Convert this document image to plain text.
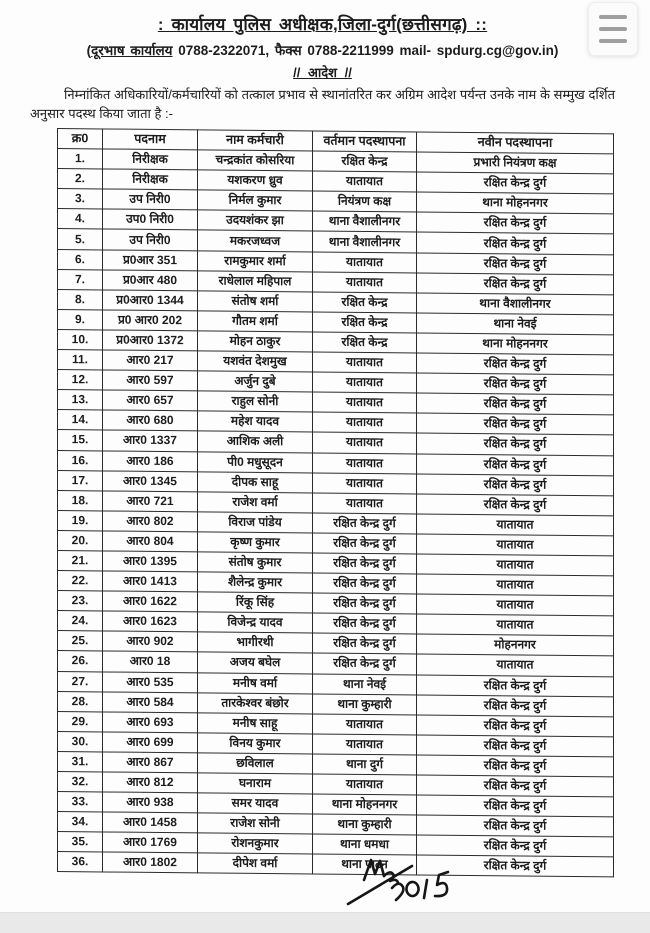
: कार्यालय पुलिस अधीक्षक,जिला-दुर्ग(छत्तीसगढ़) ::
(दूरभाष कार्यालय 0788-2322071, फैक्स 0788-2211999 mail- spdurg.cg@gov.in)
// आदेश //

निम्नांकित अधिकारियों/कर्मचारियों को तत्काल प्रभाव से स्थानांतरित कर अग्रिम आदेश पर्यन्त उनके नाम के सम्मुख दर्शित अनुसार पदस्थ किया जाता है :-

क्र0	पदनाम	नाम कर्मचारी	वर्तमान पदस्थापना	नवीन पदस्थापना
1.	निरीक्षक	चन्द्रकांत कोसरिया	रक्षित केन्द्र	प्रभारी नियंत्रण कक्ष
2.	निरीक्षक	यशकरण ध्रुव	यातायात	रक्षित केन्द्र दुर्ग
3.	उप निरी0	निर्मल कुमार	नियंत्रण कक्ष	थाना मोहननगर
4.	उप0 निरी0	उदयशंकर झा	थाना वैशालीनगर	रक्षित केन्द्र दुर्ग
5.	उप निरी0	मकरजध्वज	थाना वैशालीनगर	रक्षित केन्द्र दुर्ग
6.	प्र0आर 351	रामकुमार शर्मा	यातायात	रक्षित केन्द्र दुर्ग
7.	प्र0आर 480	राधेलाल महिपाल	यातायात	रक्षित केन्द्र दुर्ग
8.	प्र0आर0 1344	संतोष शर्मा	रक्षित केन्द्र	थाना वैशालीनगर
9.	प्र0 आर0 202	गौतम शर्मा	रक्षित केन्द्र	थाना नेवई
10.	प्र0आर0 1372	मोहन ठाकुर	रक्षित केन्द्र	थाना मोहननगर
11.	आर0 217	यशवंत देशमुख	यातायात	रक्षित केन्द्र दुर्ग
12.	आर0 597	अर्जुन दुबे	यातायात	रक्षित केन्द्र दुर्ग
13.	आर0 657	राहुल सोनी	यातायात	रक्षित केन्द्र दुर्ग
14.	आर0 680	महेश यादव	यातायात	रक्षित केन्द्र दुर्ग
15.	आर0 1337	आशिक अली	यातायात	रक्षित केन्द्र दुर्ग
16.	आर0 186	पी0 मधुसूदन	यातायात	रक्षित केन्द्र दुर्ग
17.	आर0 1345	दीपक साहू	यातायात	रक्षित केन्द्र दुर्ग
18.	आर0 721	राजेश वर्मा	यातायात	रक्षित केन्द्र दुर्ग
19.	आर0 802	विराज पांडेय	रक्षित केन्द्र दुर्ग	यातायात
20.	आर0 804	कृष्ण कुमार	रक्षित केन्द्र दुर्ग	यातायात
21.	आर0 1395	संतोष कुमार	रक्षित केन्द्र दुर्ग	यातायात
22.	आर0 1413	शैलेन्द्र कुमार	रक्षित केन्द्र दुर्ग	यातायात
23.	आर0 1622	रिंकू सिंह	रक्षित केन्द्र दुर्ग	यातायात
24.	आर0 1623	विजेन्द्र यादव	रक्षित केन्द्र दुर्ग	यातायात
25.	आर0 902	भागीरथी	रक्षित केन्द्र दुर्ग	मोहननगर
26.	आर0 18	अजय बघेल	रक्षित केन्द्र दुर्ग	यातायात
27.	आर0 535	मनीष वर्मा	थाना नेवई	रक्षित केन्द्र दुर्ग
28.	आर0 584	तारकेश्वर बंछोर	थाना कुम्हारी	रक्षित केन्द्र दुर्ग
29.	आर0 693	मनीष साहू	यातायात	रक्षित केन्द्र दुर्ग
30.	आर0 699	विनय कुमार	यातायात	रक्षित केन्द्र दुर्ग
31.	आर0 867	छविलाल	थाना दुर्ग	रक्षित केन्द्र दुर्ग
32.	आर0 812	घनाराम	यातायात	रक्षित केन्द्र दुर्ग
33.	आर0 938	समर यादव	थाना मोहननगर	रक्षित केन्द्र दुर्ग
34.	आर0 1458	राजेश सोनी	थाना कुम्हारी	रक्षित केन्द्र दुर्ग
35.	आर0 1769	रोशनकुमार	थाना धमधा	रक्षित केन्द्र दुर्ग
36.	आर0 1802	दीपेश वर्मा	थाना पाटन	रक्षित केन्द्र दुर्ग
